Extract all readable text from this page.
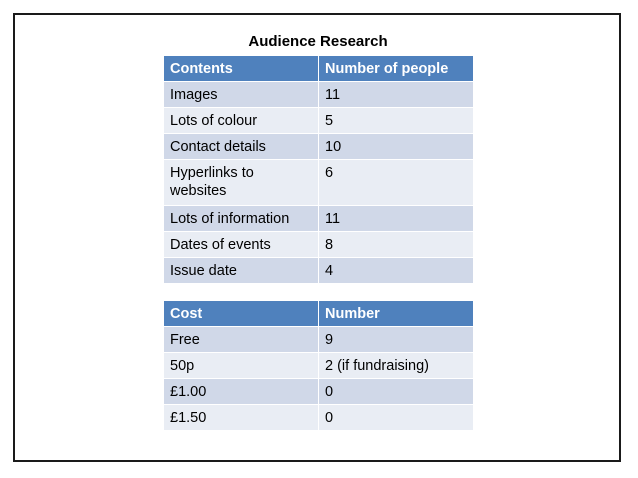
Audience Research
Contents	Number of people
Images	11
Lots of colour	5
Contact details	10
Hyperlinks to websites	6
Lots of information	11
Dates of events	8
Issue date	4
Cost	Number
Free	9
50p	2 (if fundraising)
£1.00	0
£1.50	0
